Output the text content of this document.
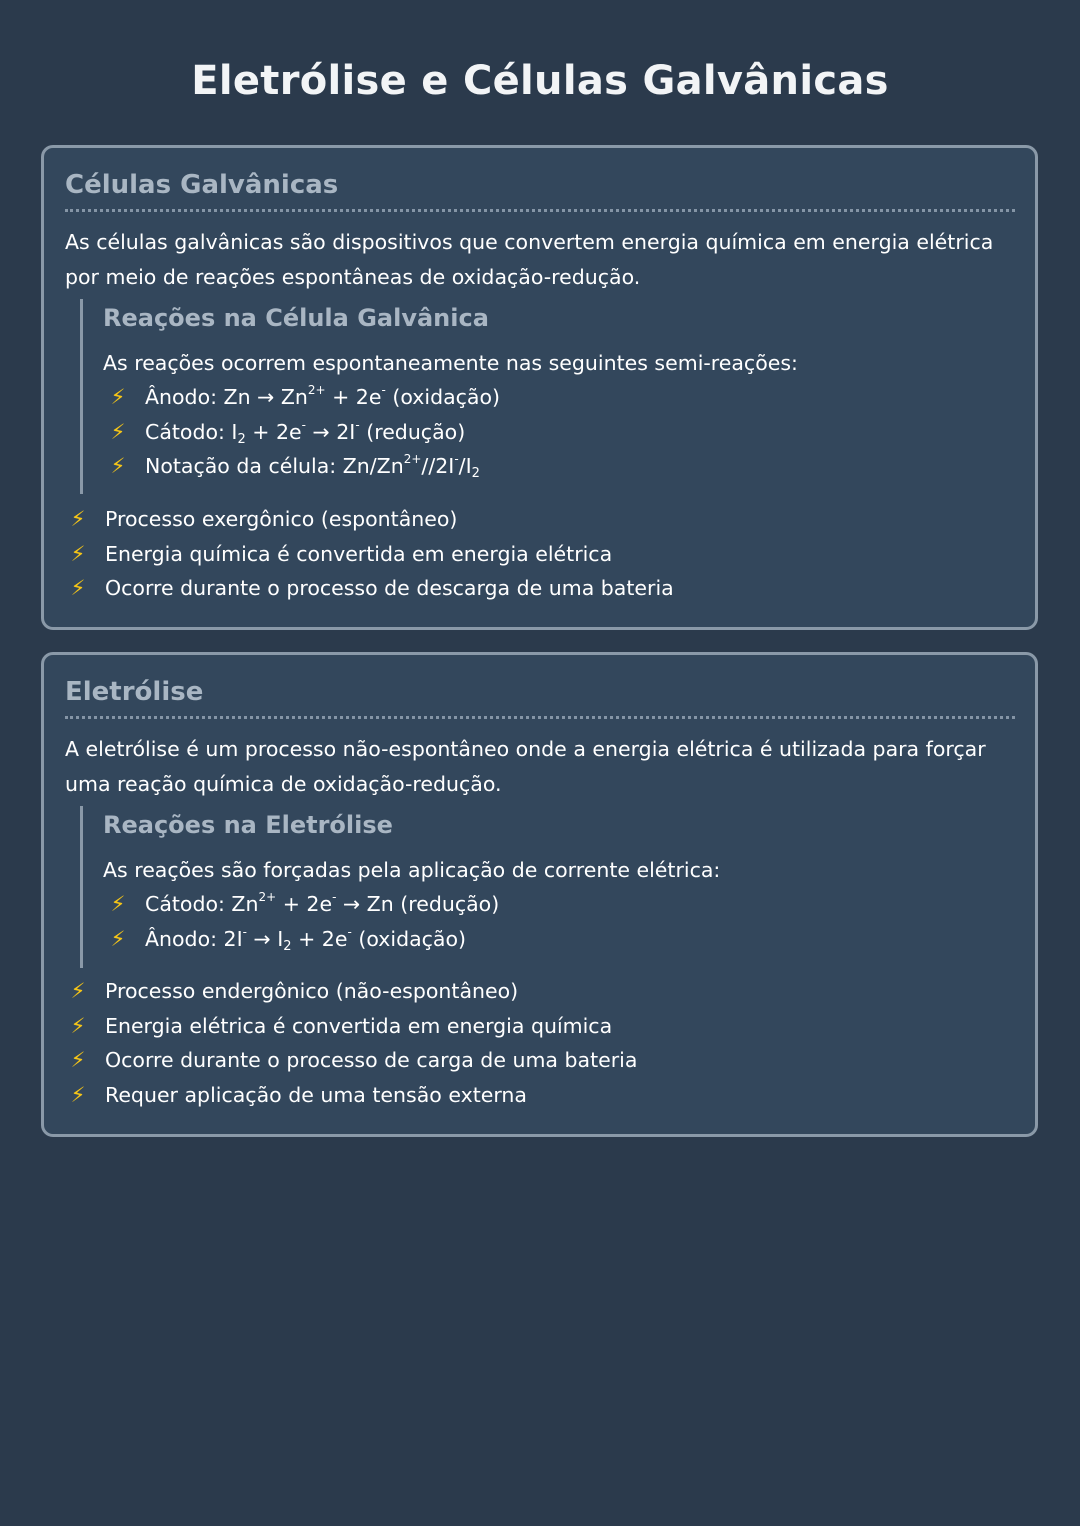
Eletrólise e Células Galvânicas
Células Galvânicas

As células galvânicas são dispositivos que convertem energia química em energia elétrica
por meio de reações espontâneas de oxidação-redução.

Reações na Célula Galvânica

As reações ocorrem espontaneamente nas seguintes semi-reações:

⚡ Ânodo: $Zn \to Zn^{2+} + 2e^-$ (oxidação)
⚡ Cátodo: $I_2 + 2e^- \to 2I^-$ (redução)
⚡ Notação da célula: $Zn/Zn^{2+}//2I^-/I_2$
⚡ Processo exergônico (espontâneo)
⚡ Energia química é convertida em energia elétrica
⚡ Ocorre durante o processo de descarga de uma bateria
Eletrólise

A eletrólise é um processo não-espontâneo onde a energia elétrica é utilizada para forçar
uma reação química de oxidação-redução.

Reações na Eletrólise

As reações são forçadas pela aplicação de corrente elétrica:

⚡ Cátodo: $Zn^{2+} + 2e^- \to Zn$ (redução)
⚡ Ânodo: $2I^- \to I_2 + 2e^-$ (oxidação)
⚡ Processo endergônico (não-espontâneo)
⚡ Energia elétrica é convertida em energia química
⚡ Ocorre durante o processo de carga de uma bateria
⚡ Requer aplicação de uma tensão externa
